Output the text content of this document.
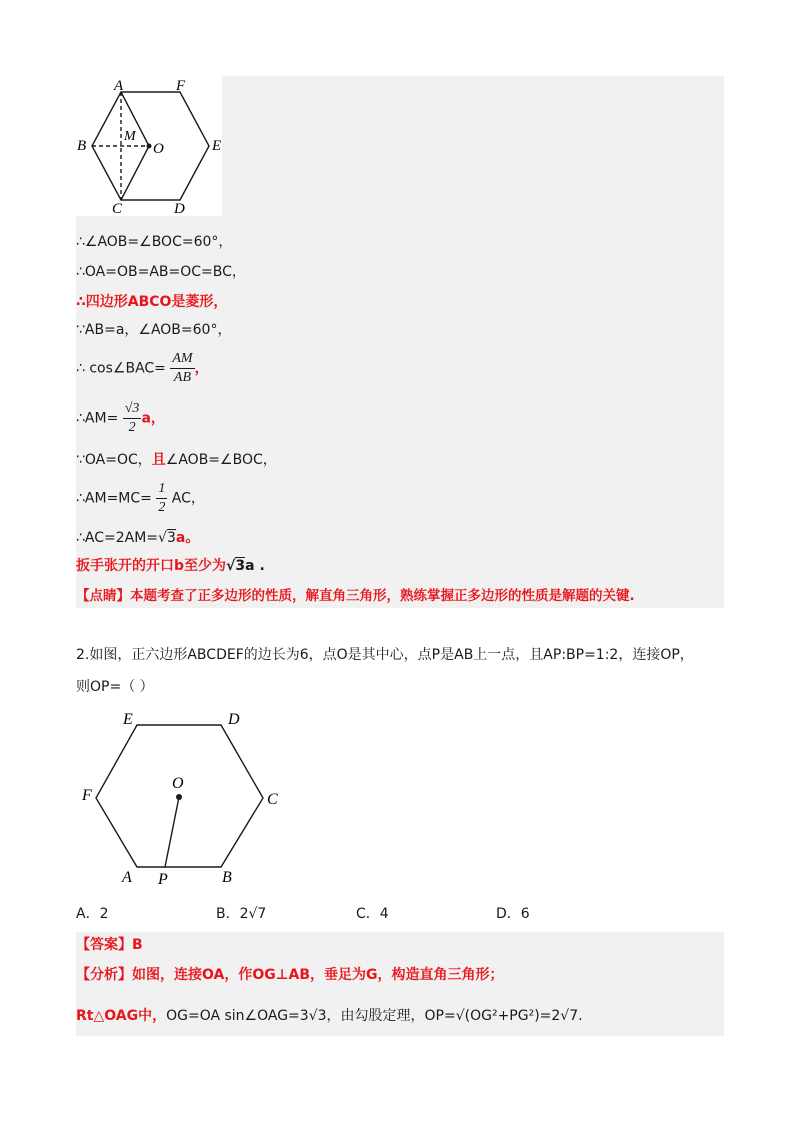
A	F
B
M
O	E
C	D
∴∠AOB=∠BOC=60°，
∴OA=OB=AB=OC=BC，
∴四边形ABCO是菱形，
∵AB=a，∠AOB=60°，
∴ cos∠BAC= $\frac{AM}{AB}$ ，
∴AM= $\frac{√3}{2}$ a，
∵OA=OC，且∠AOB=∠BOC，
∴AM=MC= $\frac{1}{2}$ AC，
∴AC=2AM=√3a。
扳手张开的开口b至少为√3a .
【点睛】本题考查了正多边形的性质，解直角三角形，熟练掌握正多边形的性质是解题的关键.
2.如图，正六边形ABCDEF的边长为6，点O是其中心，点P是AB上一点，且AP:BP=1:2，连接OP，
则OP=（ ）
E	D
F
O
C
A P	B
A．2	B．2√7	C．4	D．6
【答案】B
【分析】如图，连接OA，作OG⊥AB，垂足为G，构造直角三角形；
Rt△OAG中，OG=OA sin∠OAG=3√3，由勾股定理，OP=√(OG²+PG²)=2√7.
